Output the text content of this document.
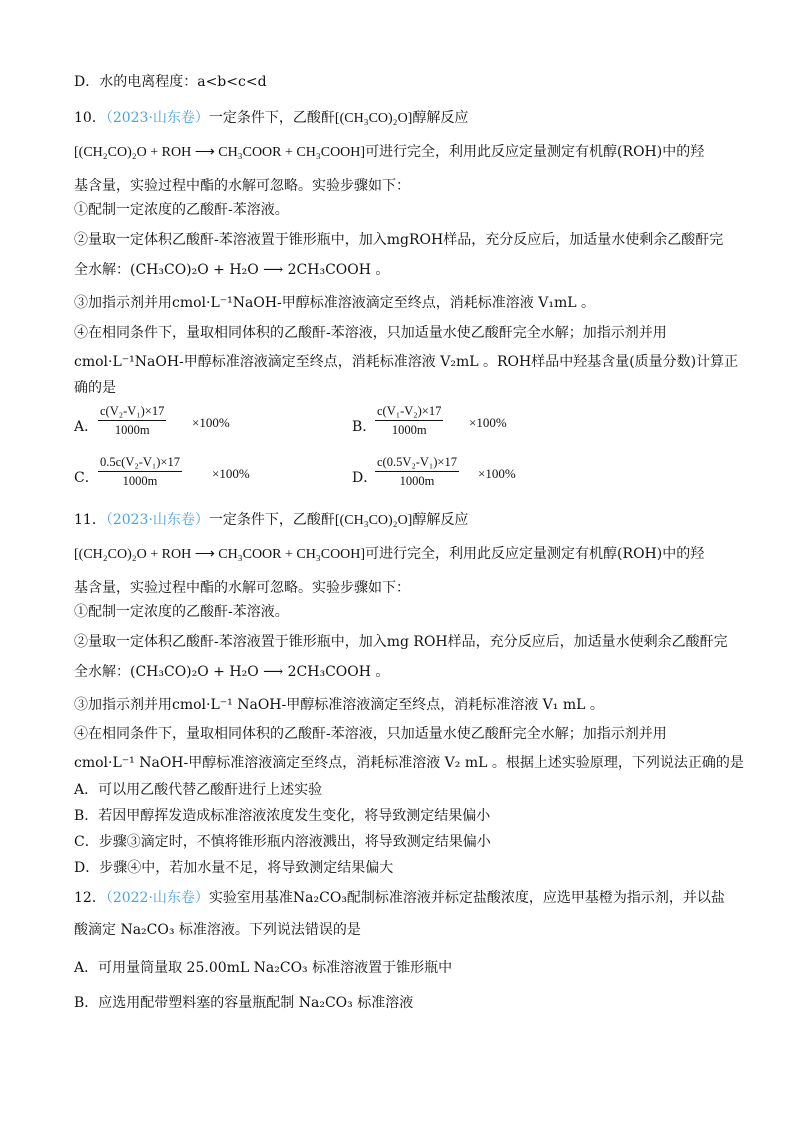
D．水的电离程度：a<b<c<d
10．（2023·山东卷）一定条件下，乙酸酐[(CH₃CO)₂O]醇解反应
[(CH₂CO)₂O + ROH ⟶ CH₃COOR + CH₃COOH]可进行完全，利用此反应定量测定有机醇(ROH)中的羟
基含量，实验过程中酯的水解可忽略。实验步骤如下：
①配制一定浓度的乙酸酐-苯溶液。
②量取一定体积乙酸酐-苯溶液置于锥形瓶中，加入mgROH样品，充分反应后，加适量水使剩余乙酸酐完
全水解：(CH₃CO)₂O + H₂O ⟶ 2CH₃COOH 。
③加指示剂并用cmol·L⁻¹NaOH-甲醇标准溶液滴定至终点，消耗标准溶液 V₁mL 。
④在相同条件下，量取相同体积的乙酸酐-苯溶液，只加适量水使乙酸酐完全水解；加指示剂并用
cmol·L⁻¹NaOH-甲醇标准溶液滴定至终点，消耗标准溶液 V₂mL 。ROH样品中羟基含量(质量分数)计算正
确的是
A． $\frac{\text{c(V₂-V₁)×17}}{1000m} \times 100\%$	B．
$\frac{\text{c(V₁-V₂)×17}}{1000m} \times 100\%$
C． $\frac{\text{0.5c(V₂-V₁)×17}}{1000m} \times 100\%$	D．
$\frac{\text{c(0.5V₂-V₁)×17}}{1000m} \times 100\%$
11．（2023·山东卷）一定条件下，乙酸酐[(CH₃CO)₂O]醇解反应
[(CH₂CO)₂O + ROH ⟶ CH₃COOR + CH₃COOH]可进行完全，利用此反应定量测定有机醇(ROH)中的羟
基含量，实验过程中酯的水解可忽略。实验步骤如下：
①配制一定浓度的乙酸酐-苯溶液。
②量取一定体积乙酸酐-苯溶液置于锥形瓶中，加入mg ROH样品，充分反应后，加适量水使剩余乙酸酐完
全水解：(CH₃CO)₂O + H₂O ⟶ 2CH₃COOH 。
③加指示剂并用cmol·L⁻¹ NaOH-甲醇标准溶液滴定至终点，消耗标准溶液 V₁ mL 。
④在相同条件下，量取相同体积的乙酸酐-苯溶液，只加适量水使乙酸酐完全水解；加指示剂并用
cmol·L⁻¹ NaOH-甲醇标准溶液滴定至终点，消耗标准溶液 V₂ mL 。根据上述实验原理，下列说法正确的是
A．可以用乙酸代替乙酸酐进行上述实验
B．若因甲醇挥发造成标准溶液浓度发生变化，将导致测定结果偏小
C．步骤③滴定时，不慎将锥形瓶内溶液溅出，将导致测定结果偏小
D．步骤④中，若加水量不足，将导致测定结果偏大
12．（2022·山东卷）实验室用基准Na₂CO₃配制标准溶液并标定盐酸浓度，应选甲基橙为指示剂，并以盐
酸滴定 Na₂CO₃ 标准溶液。下列说法错误的是
A．可用量筒量取 25.00mL Na₂CO₃ 标准溶液置于锥形瓶中
B．应选用配带塑料塞的容量瓶配制 Na₂CO₃ 标准溶液
